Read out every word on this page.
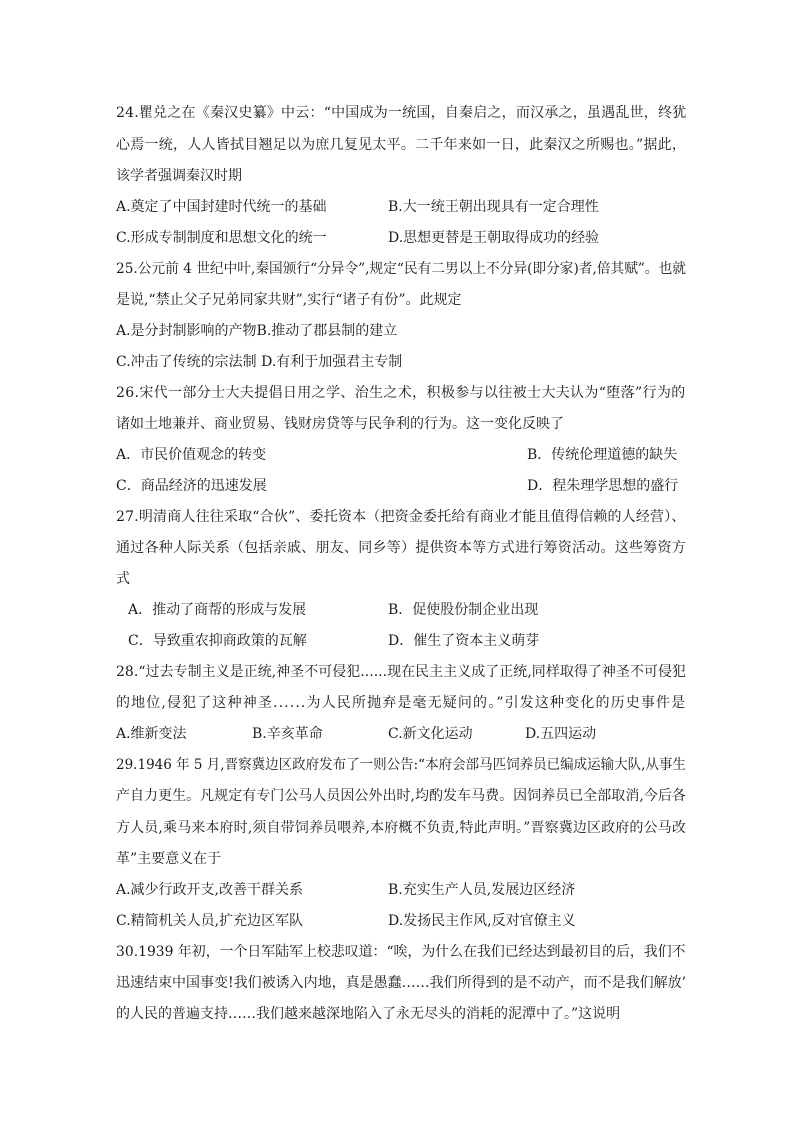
24.瞿兑之在《秦汉史纂》中云：“中国成为一统国，自秦启之，而汉承之，虽遇乱世，终犹
心焉一统，人人皆拭目翘足以为庶几复见太平。二千年来如一日，此秦汉之所赐也。”据此，
该学者强调秦汉时期
A.奠定了中国封建时代统一的基础	B.大一统王朝出现具有一定合理性
C.形成专制制度和思想文化的统一	D.思想更替是王朝取得成功的经验
25.公元前 4 世纪中叶,秦国颁行“分异令”,规定“民有二男以上不分异(即分家)者,倍其赋”。也就
是说,“禁止父子兄弟同家共财”,实行“诸子有份”。此规定
A.是分封制影响的产物B.推动了郡县制的建立
C.冲击了传统的宗法制 D.有利于加强君主专制
26.宋代一部分士大夫提倡日用之学、治生之术，积极参与以往被士大夫认为“堕落”行为的
诸如土地兼并、商业贸易、钱财房贷等与民争利的行为。这一变化反映了
A．市民价值观念的转变	B．传统伦理道德的缺失
C．商品经济的迅速发展	D．程朱理学思想的盛行
27.明清商人往往采取“合伙”、委托资本（把资金委托给有商业才能且值得信赖的人经营）、
通过各种人际关系（包括亲戚、朋友、同乡等）提供资本等方式进行筹资活动。这些筹资方
式
A．推动了商帮的形成与发展	B．促使股份制企业出现
C．导致重农抑商政策的瓦解	D．催生了资本主义萌芽
28.“过去专制主义是正统,神圣不可侵犯......现在民主主义成了正统,同样取得了神圣不可侵犯
的地位,侵犯了这种神圣......为人民所抛弃是毫无疑问的。”引发这种变化的历史事件是
A.维新变法	B.辛亥革命	C.新文化运动	D.五四运动
29.1946 年 5 月,晋察冀边区政府发布了一则公告:“本府会部马匹饲养员已编成运输大队,从事生
产自力更生。凡规定有专门公马人员因公外出时,均酌发车马费。因饲养员已全部取消,今后各
方人员,乘马来本府时,须自带饲养员喂养,本府概不负责,特此声明。”晋察冀边区政府的公马改
革”主要意义在于
A.减少行政开支,改善干群关系	B.充实生产人员,发展边区经济
C.精简机关人员,扩充边区军队	D.发扬民主作风,反对官僚主义
30.1939 年初，一个日军陆军上校悲叹道：“唉，为什么在我们已经达到最初目的后，我们不
迅速结束中国事变!我们被诱入内地，真是愚蠢……我们所得到的是不动产，而不是我们解放’
的人民的普遍支持……我们越来越深地陷入了永无尽头的消耗的泥潭中了。”这说明
